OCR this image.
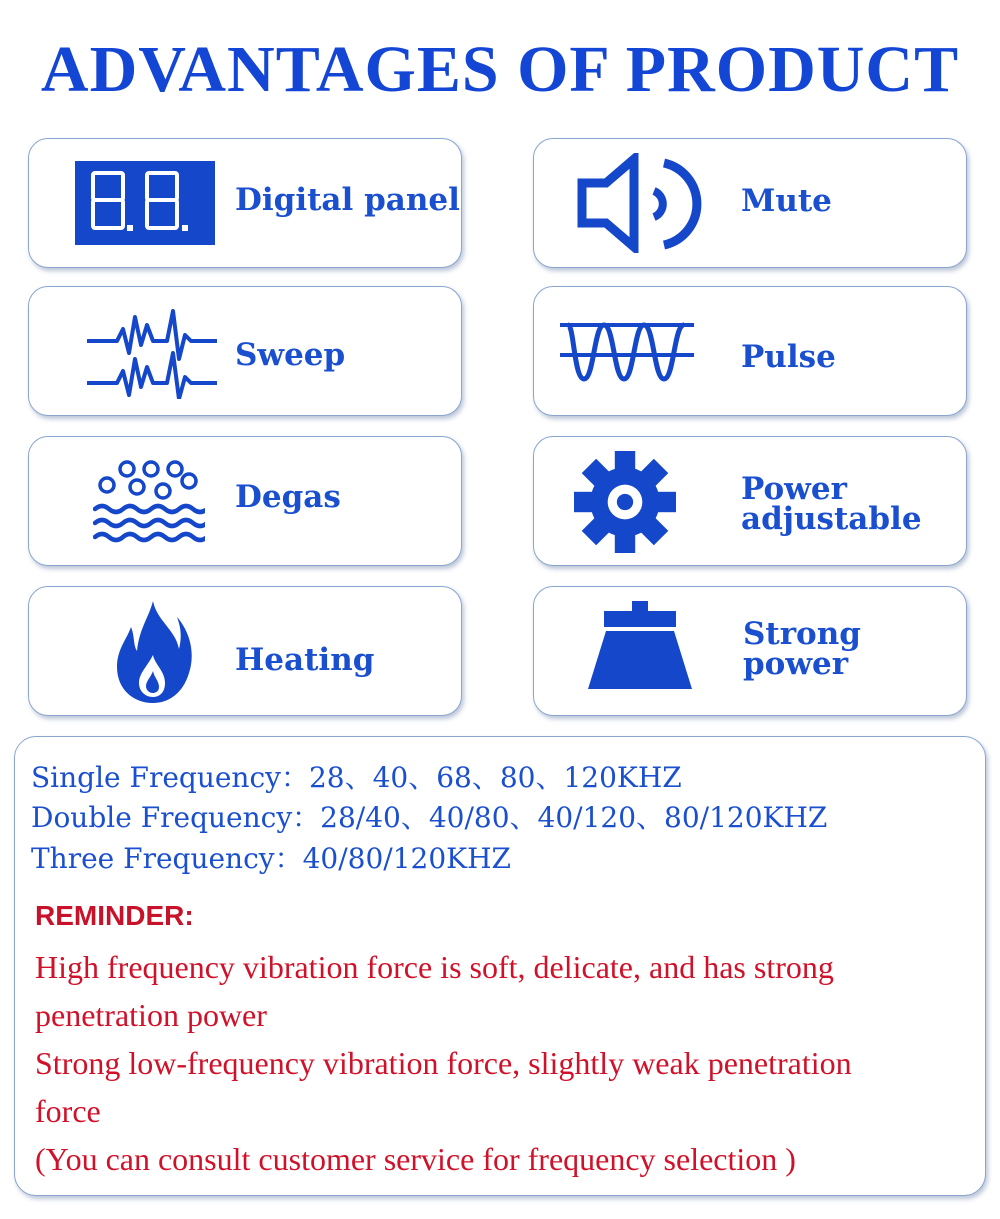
ADVANTAGES OF PRODUCT
Digital panel	Mute
Sweep	Pulse
Degas	Power
adjustable
Heating
Strong
power
Single Frequency：28、40、68、80、120KHZ
Double Frequency：28/40、40/80、40/120、80/120KHZ
Three Frequency：40/80/120KHZ
REMINDER:
High frequency vibration force is soft, delicate, and has strong
penetration power
Strong low-frequency vibration force, slightly weak penetration
force
(You can consult customer service for frequency selection )
